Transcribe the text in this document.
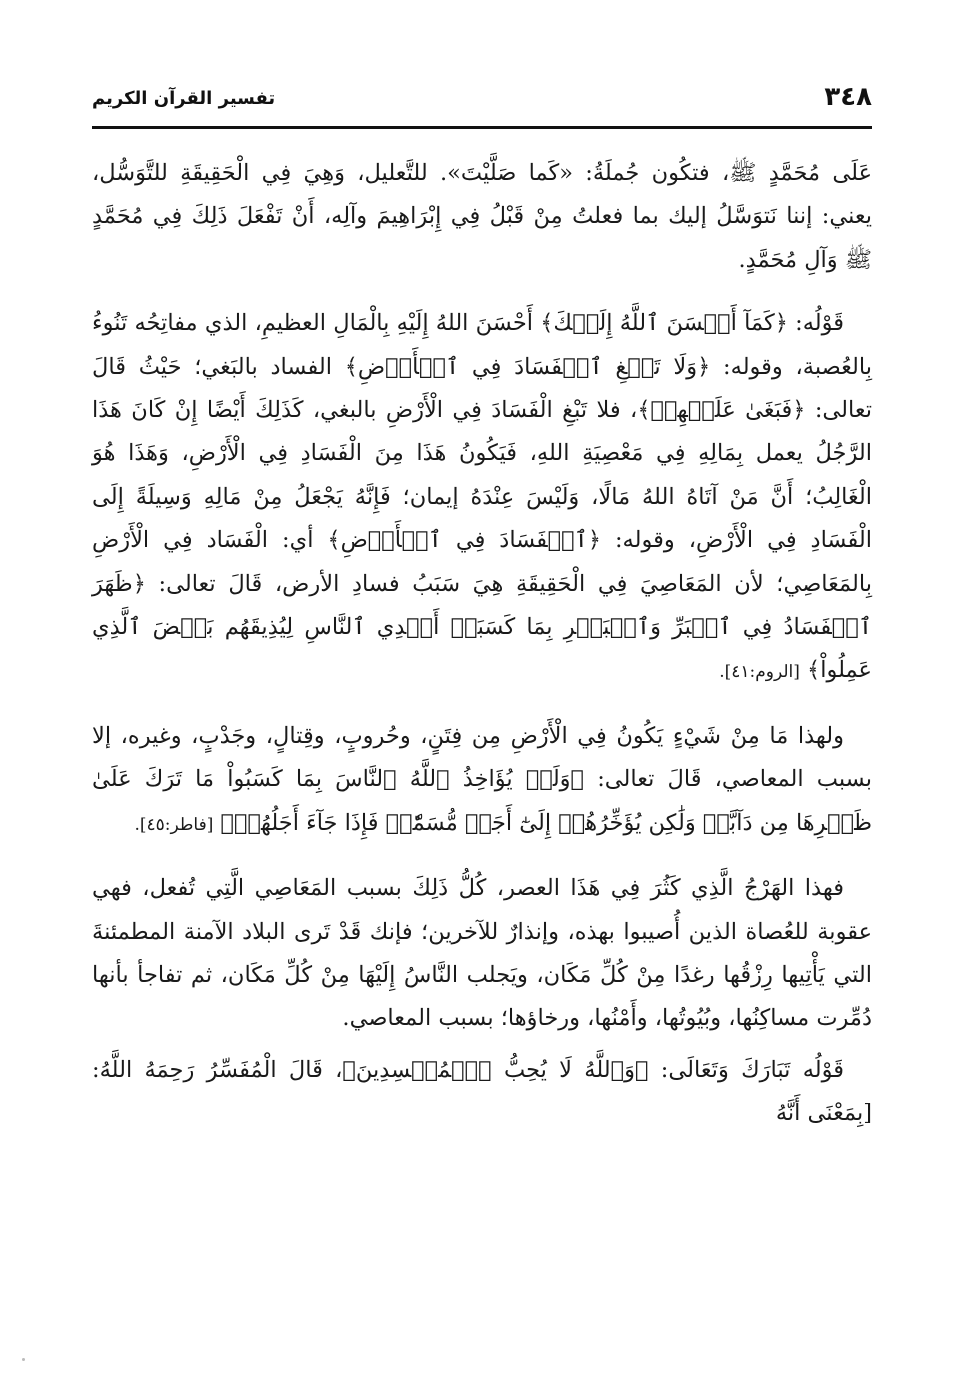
٣٤٨
تفسير القرآن الكريم

عَلَى مُحَمَّدٍ ﷺ، فتكُون جُملَةُ: «كَما صَلَّيْتَ». للتَّعليل، وَهِيَ فِي الْحَقِيقَةِ للتَّوَسُّل، يعني: إننا نَتوَسَّلُ إليك بما فعلتُ مِنْ قَبْلُ فِي إِبْرَاهِيمَ وآلِه، أَنْ تَفْعَلَ ذَلِكَ فِي مُحَمَّدٍ ﷺ وَآلِ مُحَمَّدٍ.

قَوْلُه: ﴿كَمَآ أَحۡسَنَ ٱللَّهُ إِلَيۡكَ﴾ أَحْسَنَ اللهُ إِلَيْهِ بِالْمَالِ العظيمِ، الذي مفاتِحُه تَنُوءُ بِالعُصبة، وقوله: ﴿وَلَا تَبۡغِ ٱلۡفَسَادَ فِي ٱلۡأَرۡضِ﴾ الفساد بالبَغي؛ حَيْثُ قَالَ تعالى: ﴿فَبَغَىٰ عَلَيۡهِمۡ﴾، فلا تَبْغِ الْفَسَادَ فِي الْأَرْضِ بالبغي، كَذَلِكَ أَيْضًا إِنْ كَانَ هَذَا الرَّجُلُ يعمل بِمَالِهِ فِي مَعْصِيَةِ اللهِ، فَيَكُونُ هَذَا مِنَ الْفَسَادِ فِي الْأَرْضِ، وَهَذَا هُوَ الْغَالِبُ؛ أَنَّ مَنْ آتَاهُ اللهُ مَالًا، وَلَيْسَ عِنْدَهُ إيمان؛ فَإِنَّهُ يَجْعَلُ مِنْ مَالِهِ وَسِيلَةً إِلَى الْفَسَادِ فِي الْأَرْضِ، وقوله: ﴿ٱلۡفَسَادَ فِي ٱلۡأَرۡضِ﴾ أي: الْفَسَاد فِي الْأَرْضِ بِالمَعَاصِي؛ لأن المَعَاصِيَ فِي الْحَقِيقَةِ هِيَ سَبَبُ فسادِ الأرض، قَالَ تعالى: ﴿ظَهَرَ ٱلۡفَسَادُ فِي ٱلۡبَرِّ وَٱلۡبَحۡرِ بِمَا كَسَبَتۡ أَيۡدِي ٱلنَّاسِ لِيُذِيقَهُم بَعۡضَ ٱلَّذِي عَمِلُواْ﴾ [الروم:٤١].

ولهذا مَا مِنْ شَيْءٍ يَكُونُ فِي الْأَرْضِ مِن فِتَنٍ، وحُروبٍ، وقِتالٍ، وجَدْبٍ، وغيره، إلا بسبب المعاصي، قَالَ تعالى: ﴿وَلَوۡ يُؤَاخِذُ ٱللَّهُ ٱلنَّاسَ بِمَا كَسَبُواْ مَا تَرَكَ عَلَىٰ ظَهۡرِهَا مِن دَآبَّةٖ وَلَٰكِن يُؤَخِّرُهُمۡ إِلَىٰٓ أَجَلٖ مُّسَمّٗىۖ فَإِذَا جَآءَ أَجَلُهُمۡ﴾ [فاطر:٤٥].

فهذا الهَرْجُ الَّذِي كَثُرَ فِي هَذَا العصر، كُلُّ ذَلِكَ بسبب المَعَاصِي الَّتِي تُفعل، فهي عقوبة للعُصاة الذين أُصيبوا بهذه، وإنذارٌ للآخرين؛ فإنك قَدْ تَرى البلاد الآمنة المطمئنةَ التي يَأْتِيها رِزْقُها رغدًا مِنْ كُلِّ مَكَان، ويَجلب النَّاسُ إِلَيْهَا مِنْ كُلِّ مَكَان، ثم تفاجأ بأنها دُمِّرت مساكِنُها، وبُيُوتُها، وأَمْنُها، ورخاؤها؛ بسبب المعاصي.

قَوْلُه تَبَارَكَ وَتَعَالَى: ﴿وَٱللَّهُ لَا يُحِبُّ ٱلۡمُفۡسِدِينَ﴾، قَالَ الْمُفَسِّرُ رَحِمَهُ اللَّهُ: [بِمَعْنَى أَنَّهُ
